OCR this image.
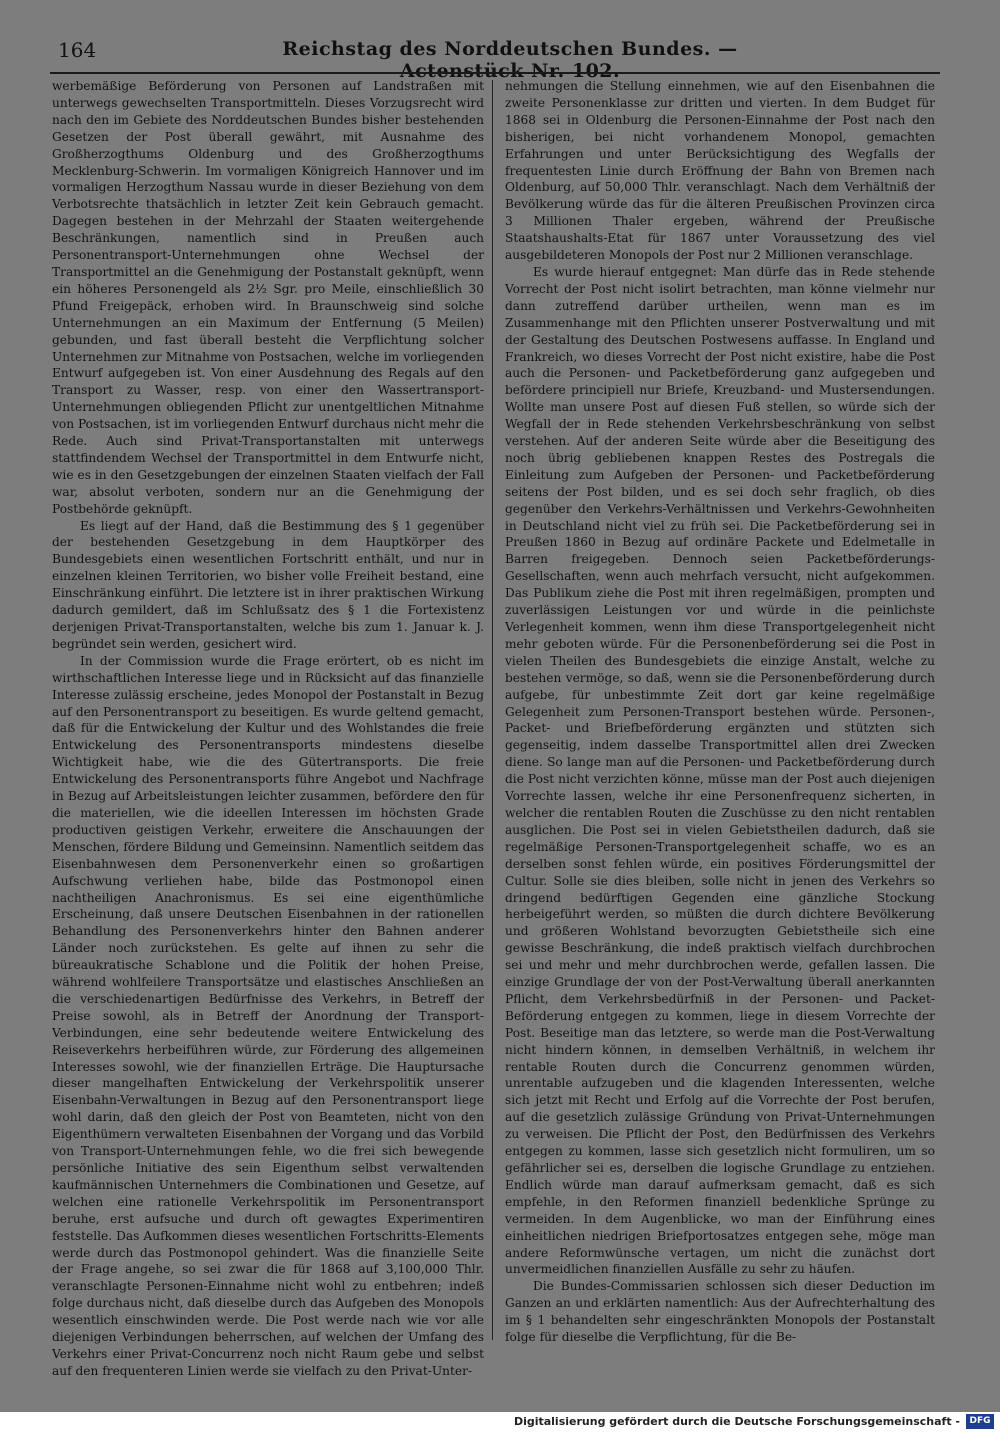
164	Reichstag des Norddeutschen Bundes. — Actenstück Nr. 102.

werbemäßige Beförderung von Personen auf Landstraßen mit unterwegs gewechselten Transportmitteln. Dieses Vorzugsrecht wird nach den im Gebiete des Norddeutschen Bundes bisher bestehenden Gesetzen der Post überall gewährt, mit Ausnahme des Großherzogthums Oldenburg und des Großherzogthums Mecklenburg-Schwerin. Im vormaligen Königreich Hannover und im vormaligen Herzogthum Nassau wurde in dieser Beziehung von dem Verbotsrechte thatsächlich in letzter Zeit kein Gebrauch gemacht. Dagegen bestehen in der Mehrzahl der Staaten weitergehende Beschränkungen, namentlich sind in Preußen auch Personentransport-Unternehmungen ohne Wechsel der Transportmittel an die Genehmigung der Postanstalt geknüpft, wenn ein höheres Personengeld als 2½ Sgr. pro Meile, einschließlich 30 Pfund Freigepäck, erhoben wird. In Braunschweig sind solche Unternehmungen an ein Maximum der Entfernung (5 Meilen) gebunden, und fast überall besteht die Verpflichtung solcher Unternehmen zur Mitnahme von Postsachen, welche im vorliegenden Entwurf aufgegeben ist. Von einer Ausdehnung des Regals auf den Transport zu Wasser, resp. von einer den Wassertransport-Unternehmungen obliegenden Pflicht zur unentgeltlichen Mitnahme von Postsachen, ist im vorliegenden Entwurf durchaus nicht mehr die Rede. Auch sind Privat-Transportanstalten mit unterwegs stattfindendem Wechsel der Transportmittel in dem Entwurfe nicht, wie es in den Gesetzgebungen der einzelnen Staaten vielfach der Fall war, absolut verboten, sondern nur an die Genehmigung der Postbehörde geknüpft.

Es liegt auf der Hand, daß die Bestimmung des § 1 gegenüber der bestehenden Gesetzgebung in dem Hauptkörper des Bundesgebiets einen wesentlichen Fortschritt enthält, und nur in einzelnen kleinen Territorien, wo bisher volle Freiheit bestand, eine Einschränkung einführt. Die letztere ist in ihrer praktischen Wirkung dadurch gemildert, daß im Schlußsatz des § 1 die Fortexistenz derjenigen Privat-Transportanstalten, welche bis zum 1. Januar k. J. begründet sein werden, gesichert wird.

In der Commission wurde die Frage erörtert, ob es nicht im wirthschaftlichen Interesse liege und in Rücksicht auf das finanzielle Interesse zulässig erscheine, jedes Monopol der Postanstalt in Bezug auf den Personentransport zu beseitigen. Es wurde geltend gemacht, daß für die Entwickelung der Kultur und des Wohlstandes die freie Entwickelung des Personentransports mindestens dieselbe Wichtigkeit habe, wie die des Gütertransports. Die freie Entwickelung des Personentransports führe Angebot und Nachfrage in Bezug auf Arbeitsleistungen leichter zusammen, befördere den für die materiellen, wie die ideellen Interessen im höchsten Grade productiven geistigen Verkehr, erweitere die Anschauungen der Menschen, fördere Bildung und Gemeinsinn. Namentlich seitdem das Eisenbahnwesen dem Personenverkehr einen so großartigen Aufschwung verliehen habe, bilde das Postmonopol einen nachtheiligen Anachronismus. Es sei eine eigenthümliche Erscheinung, daß unsere Deutschen Eisenbahnen in der rationellen Behandlung des Personenverkehrs hinter den Bahnen anderer Länder noch zurückstehen. Es gelte auf ihnen zu sehr die büreaukratische Schablone und die Politik der hohen Preise, während wohlfeilere Transportsätze und elastisches Anschließen an die verschiedenartigen Bedürfnisse des Verkehrs, in Betreff der Preise sowohl, als in Betreff der Anordnung der Transport-Verbindungen, eine sehr bedeutende weitere Entwickelung des Reiseverkehrs herbeiführen würde, zur Förderung des allgemeinen Interesses sowohl, wie der finanziellen Erträge. Die Hauptursache dieser mangelhaften Entwickelung der Verkehrspolitik unserer Eisenbahn-Verwaltungen in Bezug auf den Personentransport liege wohl darin, daß den gleich der Post von Beamteten, nicht von den Eigenthümern verwalteten Eisenbahnen der Vorgang und das Vorbild von Transport-Unternehmungen fehle, wo die frei sich bewegende persönliche Initiative des sein Eigenthum selbst verwaltenden kaufmännischen Unternehmers die Combinationen und Gesetze, auf welchen eine rationelle Verkehrspolitik im Personentransport beruhe, erst aufsuche und durch oft gewagtes Experimentiren feststelle. Das Aufkommen dieses wesentlichen Fortschritts-Elements werde durch das Postmonopol gehindert. Was die finanzielle Seite der Frage angehe, so sei zwar die für 1868 auf 3,100,000 Thlr. veranschlagte Personen-Einnahme nicht wohl zu entbehren; indeß folge durchaus nicht, daß dieselbe durch das Aufgeben des Monopols wesentlich einschwinden werde. Die Post werde nach wie vor alle diejenigen Verbindungen beherrschen, auf welchen der Umfang des Verkehrs einer Privat-Concurrenz noch nicht Raum gebe und selbst auf den frequenteren Linien werde sie vielfach zu den Privat-Unter-

nehmungen die Stellung einnehmen, wie auf den Eisenbahnen die zweite Personenklasse zur dritten und vierten. In dem Budget für 1868 sei in Oldenburg die Personen-Einnahme der Post nach den bisherigen, bei nicht vorhandenem Monopol, gemachten Erfahrungen und unter Berücksichtigung des Wegfalls der frequentesten Linie durch Eröffnung der Bahn von Bremen nach Oldenburg, auf 50,000 Thlr. veranschlagt. Nach dem Verhältniß der Bevölkerung würde das für die älteren Preußischen Provinzen circa 3 Millionen Thaler ergeben, während der Preußische Staatshaushalts-Etat für 1867 unter Voraussetzung des viel ausgebildeteren Monopols der Post nur 2 Millionen veranschlage.

Es wurde hierauf entgegnet: Man dürfe das in Rede stehende Vorrecht der Post nicht isolirt betrachten, man könne vielmehr nur dann zutreffend darüber urtheilen, wenn man es im Zusammenhange mit den Pflichten unserer Postverwaltung und mit der Gestaltung des Deutschen Postwesens auffasse. In England und Frankreich, wo dieses Vorrecht der Post nicht existire, habe die Post auch die Personen- und Packetbeförderung ganz aufgegeben und befördere principiell nur Briefe, Kreuzband- und Mustersendungen. Wollte man unsere Post auf diesen Fuß stellen, so würde sich der Wegfall der in Rede stehenden Verkehrsbeschränkung von selbst verstehen. Auf der anderen Seite würde aber die Beseitigung des noch übrig gebliebenen knappen Restes des Postregals die Einleitung zum Aufgeben der Personen- und Packetbeförderung seitens der Post bilden, und es sei doch sehr fraglich, ob dies gegenüber den Verkehrs-Verhältnissen und Verkehrs-Gewohnheiten in Deutschland nicht viel zu früh sei. Die Packetbeförderung sei in Preußen 1860 in Bezug auf ordinäre Packete und Edelmetalle in Barren freigegeben. Dennoch seien Packetbeförderungs-Gesellschaften, wenn auch mehrfach versucht, nicht aufgekommen. Das Publikum ziehe die Post mit ihren regelmäßigen, prompten und zuverlässigen Leistungen vor und würde in die peinlichste Verlegenheit kommen, wenn ihm diese Transportgelegenheit nicht mehr geboten würde. Für die Personenbeförderung sei die Post in vielen Theilen des Bundesgebiets die einzige Anstalt, welche zu bestehen vermöge, so daß, wenn sie die Personenbeförderung durch aufgebe, für unbestimmte Zeit dort gar keine regelmäßige Gelegenheit zum Personen-Transport bestehen würde. Personen-, Packet- und Briefbeförderung ergänzten und stützten sich gegenseitig, indem dasselbe Transportmittel allen drei Zwecken diene. So lange man auf die Personen- und Packetbeförderung durch die Post nicht verzichten könne, müsse man der Post auch diejenigen Vorrechte lassen, welche ihr eine Personenfrequenz sicherten, in welcher die rentablen Routen die Zuschüsse zu den nicht rentablen ausglichen. Die Post sei in vielen Gebietstheilen dadurch, daß sie regelmäßige Personen-Transportgelegenheit schaffe, wo es an derselben sonst fehlen würde, ein positives Förderungsmittel der Cultur. Solle sie dies bleiben, solle nicht in jenen des Verkehrs so dringend bedürftigen Gegenden eine gänzliche Stockung herbeigeführt werden, so müßten die durch dichtere Bevölkerung und größeren Wohlstand bevorzugten Gebietstheile sich eine gewisse Beschränkung, die indeß praktisch vielfach durchbrochen sei und mehr und mehr durchbrochen werde, gefallen lassen. Die einzige Grundlage der von der Post-Verwaltung überall anerkannten Pflicht, dem Verkehrsbedürfniß in der Personen- und Packet-Beförderung entgegen zu kommen, liege in diesem Vorrechte der Post. Beseitige man das letztere, so werde man die Post-Verwaltung nicht hindern können, in demselben Verhältniß, in welchem ihr rentable Routen durch die Concurrenz genommen würden, unrentable aufzugeben und die klagenden Interessenten, welche sich jetzt mit Recht und Erfolg auf die Vorrechte der Post berufen, auf die gesetzlich zulässige Gründung von Privat-Unternehmungen zu verweisen. Die Pflicht der Post, den Bedürfnissen des Verkehrs entgegen zu kommen, lasse sich gesetzlich nicht formuliren, um so gefährlicher sei es, derselben die logische Grundlage zu entziehen. Endlich würde man darauf aufmerksam gemacht, daß es sich empfehle, in den Reformen finanziell bedenkliche Sprünge zu vermeiden. In dem Augenblicke, wo man der Einführung eines einheitlichen niedrigen Briefportosatzes entgegen sehe, möge man andere Reformwünsche vertagen, um nicht die zunächst dort unvermeidlichen finanziellen Ausfälle zu sehr zu häufen.

Die Bundes-Commissarien schlossen sich dieser Deduction im Ganzen an und erklärten namentlich: Aus der Aufrechterhaltung des im § 1 behandelten sehr eingeschränkten Monopols der Postanstalt folge für dieselbe die Verpflichtung, für die Be-

Digitalisierung gefördert durch die Deutsche Forschungsgemeinschaft -	DFG
